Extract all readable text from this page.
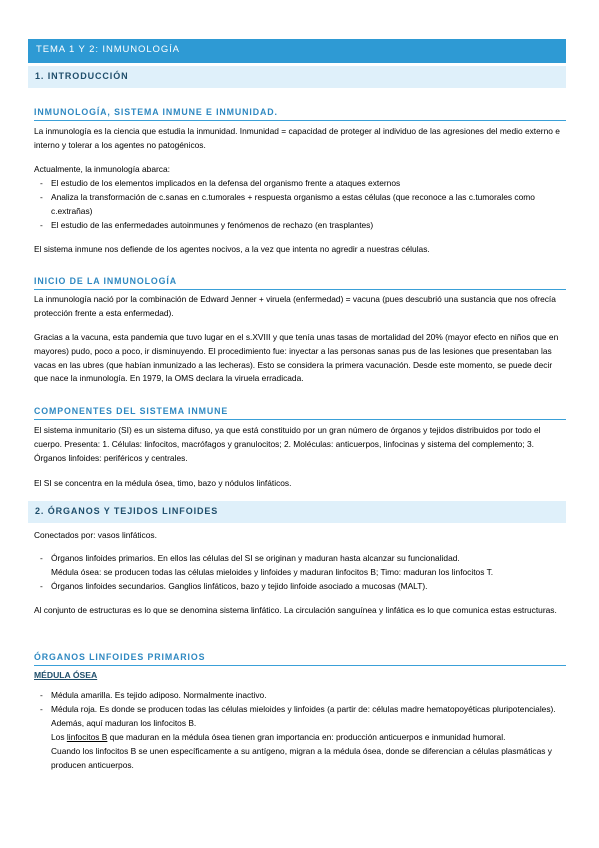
TEMA 1 Y 2: INMUNOLOGÍA
1. INTRODUCCIÓN
INMUNOLOGÍA, SISTEMA INMUNE E INMUNIDAD.

La inmunología es la ciencia que estudia la inmunidad. Inmunidad = capacidad de proteger al individuo de las agresiones del medio externo e interno y tolerar a los agentes no patogénicos.

Actualmente, la inmunología abarca:

- El estudio de los elementos implicados en la defensa del organismo frente a ataques externos
- Analiza la transformación de c.sanas en c.tumorales + respuesta organismo a estas células (que reconoce a las c.tumorales como c.extrañas)
- El estudio de las enfermedades autoinmunes y fenómenos de rechazo (en trasplantes)

El sistema inmune nos defiende de los agentes nocivos, a la vez que intenta no agredir a nuestras células.

INICIO DE LA INMUNOLOGÍA

La inmunología nació por la combinación de Edward Jenner + viruela (enfermedad) = vacuna (pues descubrió una sustancia que nos ofrecía protección frente a esta enfermedad).

Gracias a la vacuna, esta pandemia que tuvo lugar en el s.XVIII y que tenía unas tasas de mortalidad del 20% (mayor efecto en niños que en mayores) pudo, poco a poco, ir disminuyendo. El procedimiento fue: inyectar a las personas sanas pus de las lesiones que presentaban las vacas en las ubres (que habían inmunizado a las lecheras). Esto se considera la primera vacunación. Desde este momento, se puede decir que nace la inmunología. En 1979, la OMS declara la viruela erradicada.

COMPONENTES DEL SISTEMA INMUNE

El sistema inmunitario (SI) es un sistema difuso, ya que está constituido por un gran número de órganos y tejidos distribuidos por todo el cuerpo. Presenta: 1. Células: linfocitos, macrófagos y granulocitos; 2. Moléculas: anticuerpos, linfocinas y sistema del complemento; 3. Órganos linfoides: periféricos y centrales.

El SI se concentra en la médula ósea, timo, bazo y nódulos linfáticos.

2. ÓRGANOS Y TEJIDOS LINFOIDES

Conectados por: vasos linfáticos.

- Órganos linfoides primarios. En ellos las células del SI se originan y maduran hasta alcanzar su funcionalidad.
Médula ósea: se producen todas las células mieloides y linfoides y maduran linfocitos B; Timo: maduran los linfocitos T.
- Órganos linfoides secundarios. Ganglios linfáticos, bazo y tejido linfoide asociado a mucosas (MALT).

Al conjunto de estructuras es lo que se denomina sistema linfático. La circulación sanguínea y linfática es lo que comunica estas estructuras.

ÓRGANOS LINFOIDES PRIMARIOS
MÉDULA ÓSEA
- Médula amarilla. Es tejido adiposo. Normalmente inactivo.
- Médula roja. Es donde se producen todas las células mieloides y linfoides (a partir de: células madre hematopoyéticas pluripotenciales). Además, aquí maduran los linfocitos B.
Los linfocitos B que maduran en la médula ósea tienen gran importancia en: producción anticuerpos e inmunidad humoral.
Cuando los linfocitos B se unen específicamente a su antígeno, migran a la médula ósea, donde se diferencian a células plasmáticas y producen anticuerpos.
